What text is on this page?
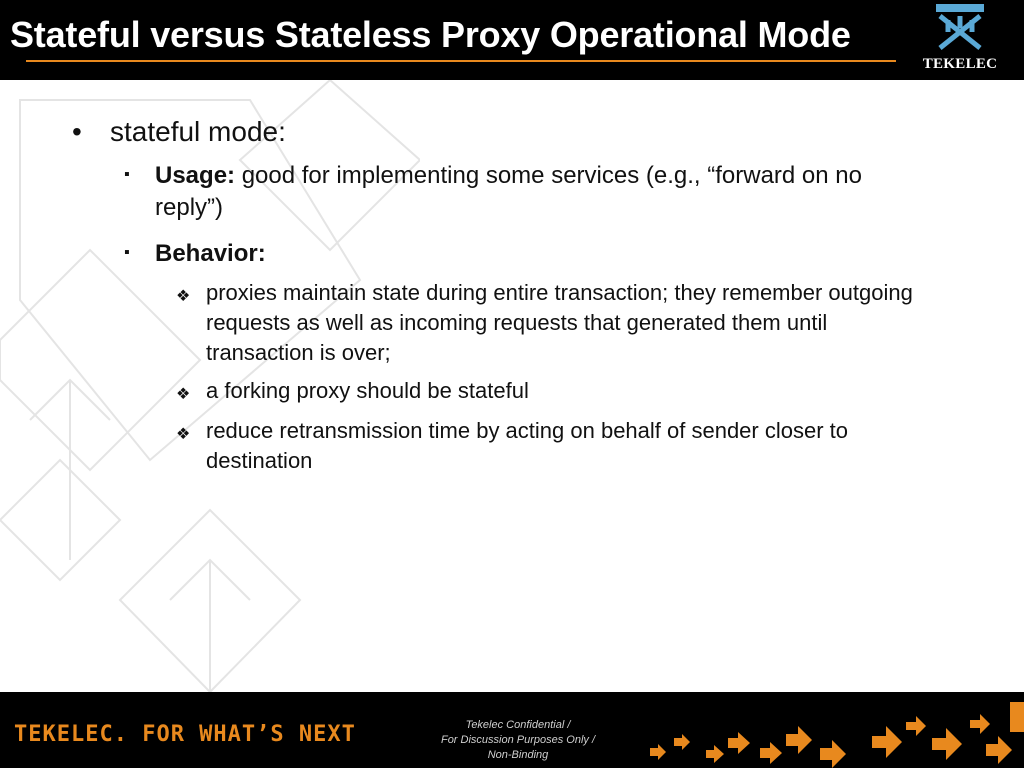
Stateful versus Stateless Proxy Operational Mode
TEKELEC
• stateful mode:
▪ Usage: good for implementing some services (e.g., “forward on no reply”)
▪ Behavior:
❖ proxies maintain state during entire transaction; they remember outgoing requests as well as incoming requests that generated them until transaction is over;
❖ a forking proxy should be stateful
❖ reduce retransmission time by acting on behalf of sender closer to destination
TEKELEC. FOR WHAT’S NEXT	Tekelec Confidential /
For Discussion Purposes Only /
Non-Binding
